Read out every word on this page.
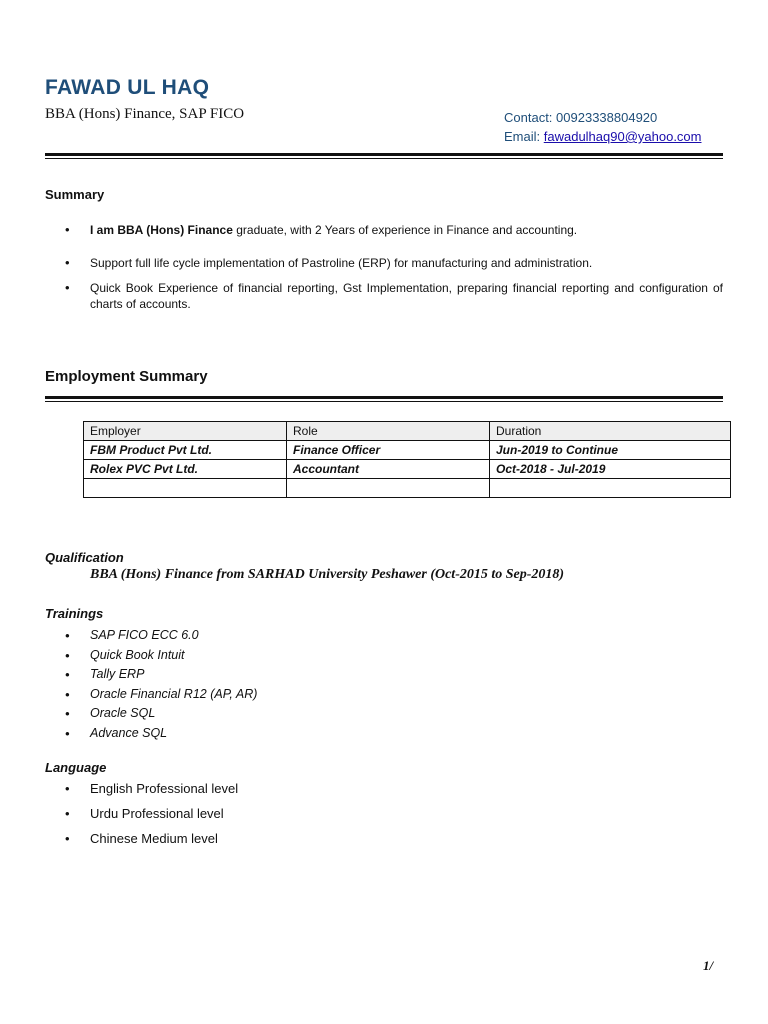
FAWAD UL HAQ
BBA (Hons) Finance, SAP FICO	Contact: 00923338804920
Email: fawadulhaq90@yahoo.com
Summary
• I am BBA (Hons) Finance graduate, with 2 Years of experience in Finance and accounting.
• Support full life cycle implementation of Pastroline (ERP) for manufacturing and administration.
• Quick Book Experience of financial reporting, Gst Implementation, preparing financial reporting and configuration of charts of accounts.
Employment Summary
Employer	Role	Duration
FBM Product Pvt Ltd.	Finance Officer	Jun-2019 to Continue
Rolex PVC Pvt Ltd.	Accountant	Oct-2018 - Jul-2019

Qualification
BBA (Hons) Finance from SARHAD University Peshawer (Oct-2015 to Sep-2018)
Trainings
• SAP FICO ECC 6.0
• Quick Book Intuit
• Tally ERP
• Oracle Financial R12 (AP, AR)
• Oracle SQL
• Advance SQL
Language
• English Professional level
• Urdu Professional level
• Chinese Medium level
1/
